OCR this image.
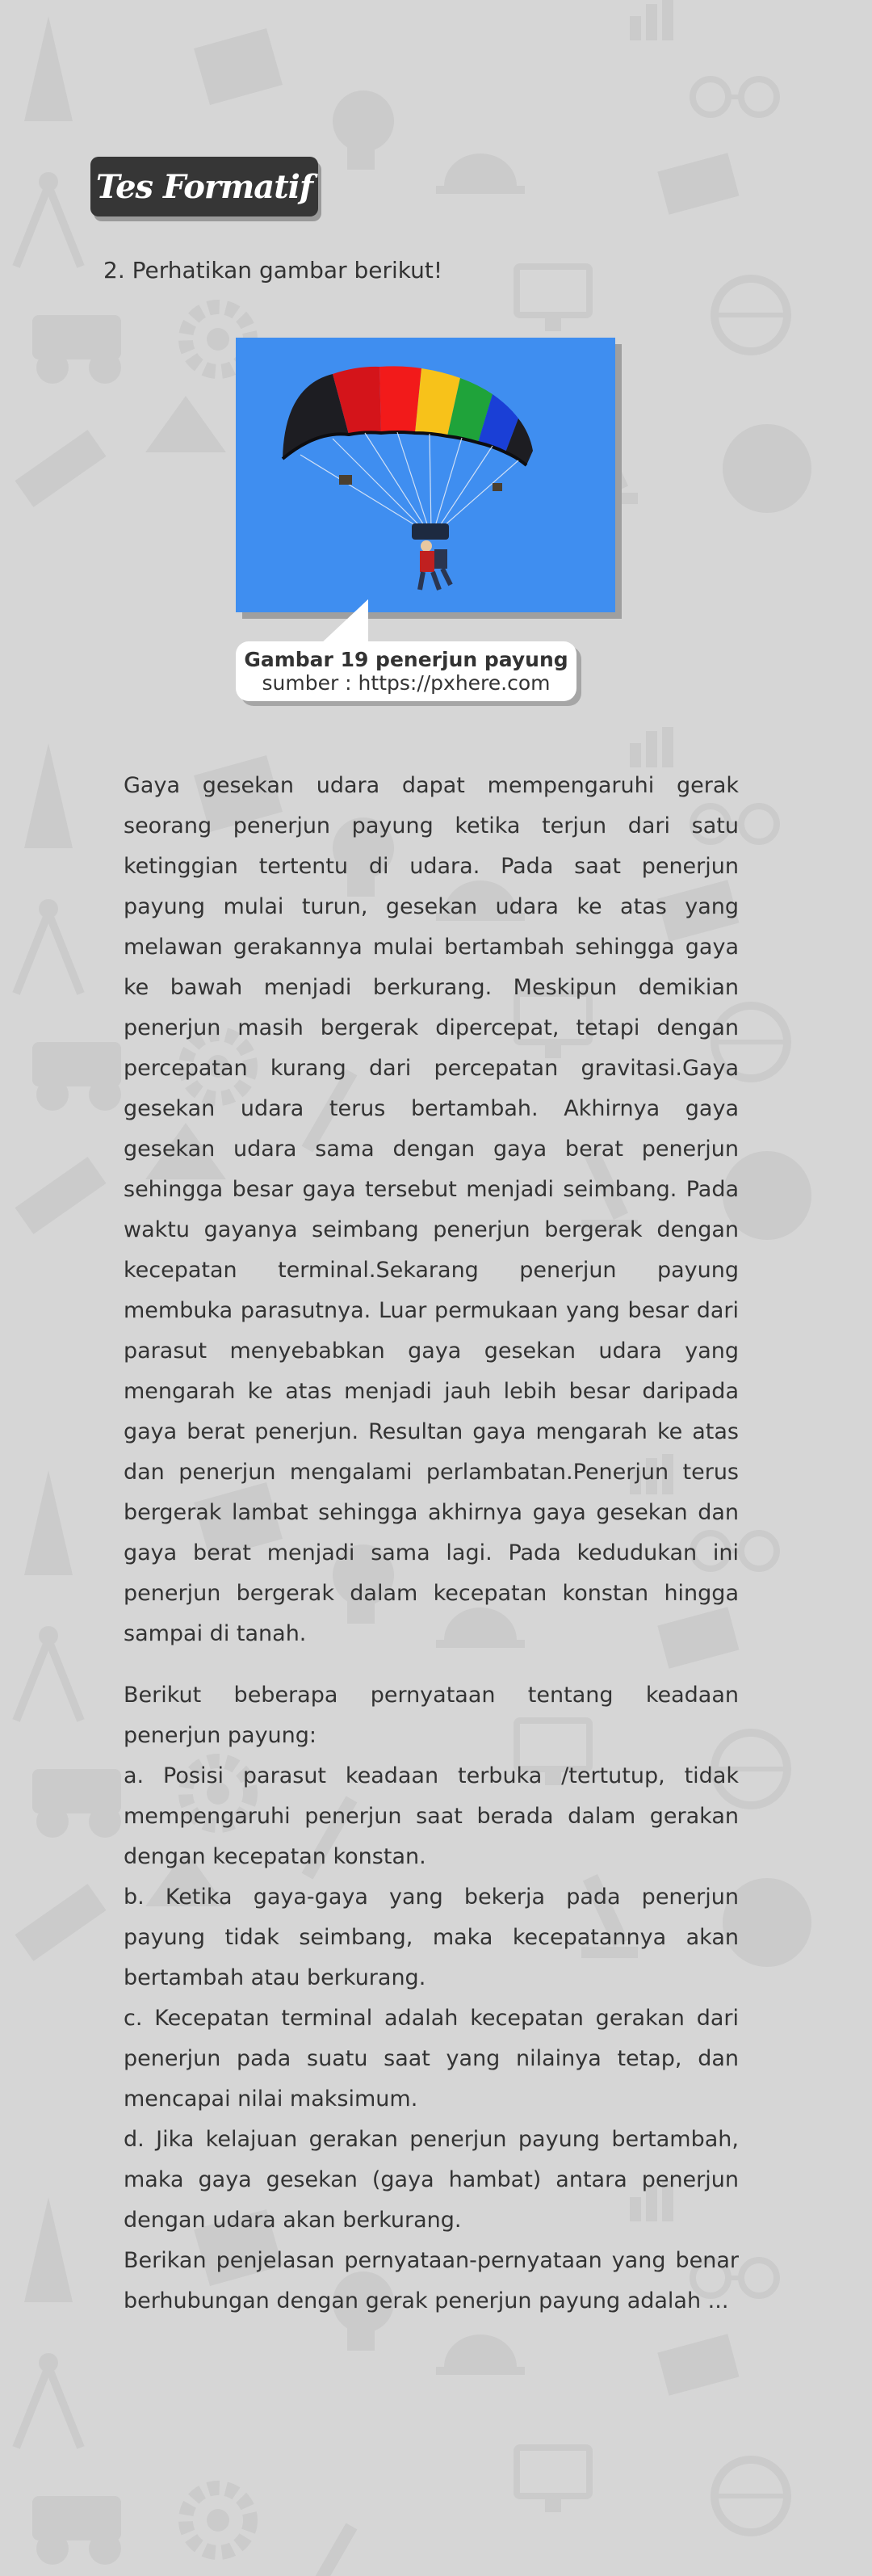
Tes Formatif
2. Perhatikan gambar berikut!
Gambar 19 penerjun payung
sumber : https://pxhere.com

Gaya gesekan udara dapat mempengaruhi gerak seorang penerjun payung ketika terjun dari satu ketinggian tertentu di udara. Pada saat penerjun payung mulai turun, gesekan udara ke atas yang melawan gerakannya mulai bertambah sehingga gaya ke bawah menjadi berkurang. Meskipun demikian penerjun masih bergerak dipercepat, tetapi dengan percepatan kurang dari percepatan gravitasi.Gaya gesekan udara terus bertambah. Akhirnya gaya gesekan udara sama dengan gaya berat penerjun sehingga besar gaya tersebut menjadi seimbang. Pada waktu gayanya seimbang penerjun bergerak dengan kecepatan terminal.Sekarang penerjun payung membuka parasutnya. Luar permukaan yang besar dari parasut menyebabkan gaya gesekan udara yang mengarah ke atas menjadi jauh lebih besar daripada gaya berat penerjun. Resultan gaya mengarah ke atas dan penerjun mengalami perlambatan.Penerjun terus bergerak lambat sehingga akhirnya gaya gesekan dan gaya berat menjadi sama lagi. Pada kedudukan ini penerjun bergerak dalam kecepatan konstan hingga sampai di tanah.

Berikut beberapa pernyataan tentang keadaan penerjun payung:

a. Posisi parasut keadaan terbuka /tertutup, tidak mempengaruhi penerjun saat berada dalam gerakan dengan kecepatan konstan.

b. Ketika gaya-gaya yang bekerja pada penerjun payung tidak seimbang, maka kecepatannya akan bertambah atau berkurang.

c. Kecepatan terminal adalah kecepatan gerakan dari penerjun pada suatu saat yang nilainya tetap, dan mencapai nilai maksimum.

d. Jika kelajuan gerakan penerjun payung bertambah, maka gaya gesekan (gaya hambat) antara penerjun dengan udara akan berkurang.

Berikan penjelasan pernyataan-pernyataan yang benar berhubungan dengan gerak penerjun payung adalah ...
